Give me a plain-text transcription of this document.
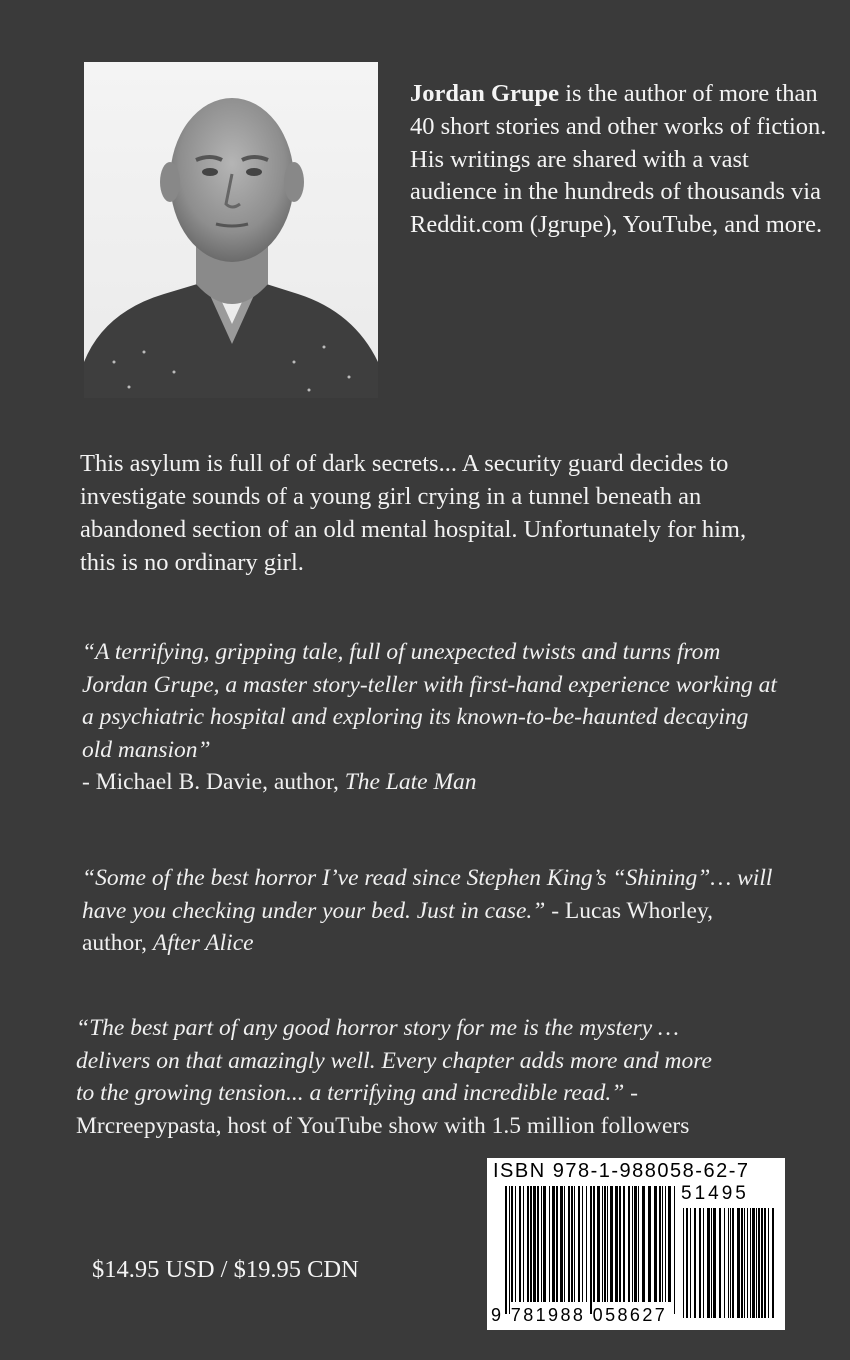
Jordan Grupe is the author of more than 40 short stories and other works of fiction. His writings are shared with a vast audience in the hundreds of thousands via Reddit.com (Jgrupe), YouTube, and more.
This asylum is full of of dark secrets... A security guard decides to investigate sounds of a young girl crying in a tunnel beneath an abandoned section of an old mental hospital. Unfortunately for him, this is no ordinary girl.
“A terrifying, gripping tale, full of unexpected twists and turns from Jordan Grupe, a master story-teller with first-hand experience working at a psychiatric hospital and exploring its known-to-be-haunted decaying old mansion”
- Michael B. Davie, author, The Late Man
“Some of the best horror I’ve read since Stephen King’s “Shining”… will have you checking under your bed. Just in case.” - Lucas Whorley, author, After Alice
“The best part of any good horror story for me is the mystery … delivers on that amazingly well. Every chapter adds more and more to the growing tension... a terrifying and incredible read.” - Mrcreepypasta, host of YouTube show with 1.5 million followers
$14.95 USD / $19.95 CDN
ISBN 978-1-988058-62-7
51495
9 781988 058627
